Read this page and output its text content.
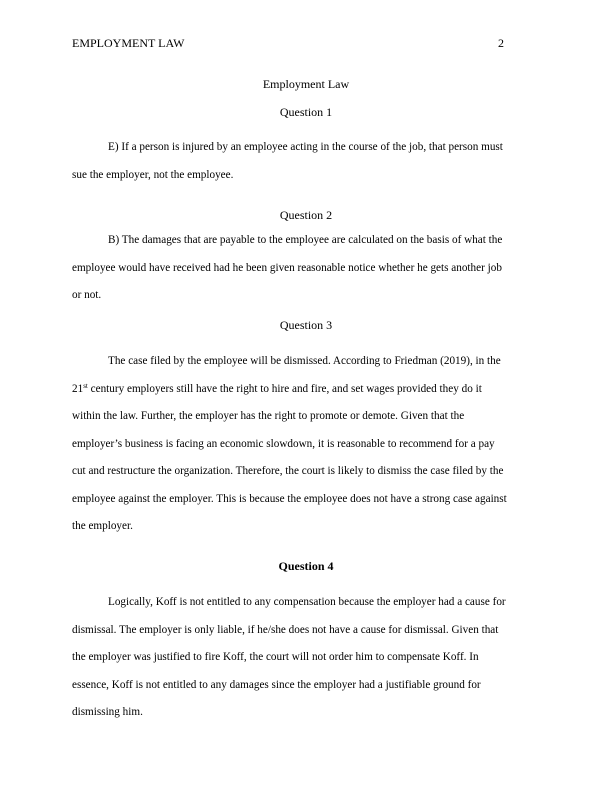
EMPLOYMENT LAW	2
Employment Law
Question 1
E) If a person is injured by an employee acting in the course of the job, that person must
sue the employer, not the employee.
Question 2
B) The damages that are payable to the employee are calculated on the basis of what the
employee would have received had he been given reasonable notice whether he gets another job
or not.
Question 3
The case filed by the employee will be dismissed. According to Friedman (2019), in the
21st century employers still have the right to hire and fire, and set wages provided they do it
within the law. Further, the employer has the right to promote or demote. Given that the
employer’s business is facing an economic slowdown, it is reasonable to recommend for a pay
cut and restructure the organization. Therefore, the court is likely to dismiss the case filed by the
employee against the employer. This is because the employee does not have a strong case against
the employer.
Question 4
Logically, Koff is not entitled to any compensation because the employer had a cause for
dismissal. The employer is only liable, if he/she does not have a cause for dismissal. Given that
the employer was justified to fire Koff, the court will not order him to compensate Koff. In
essence, Koff is not entitled to any damages since the employer had a justifiable ground for
dismissing him.
